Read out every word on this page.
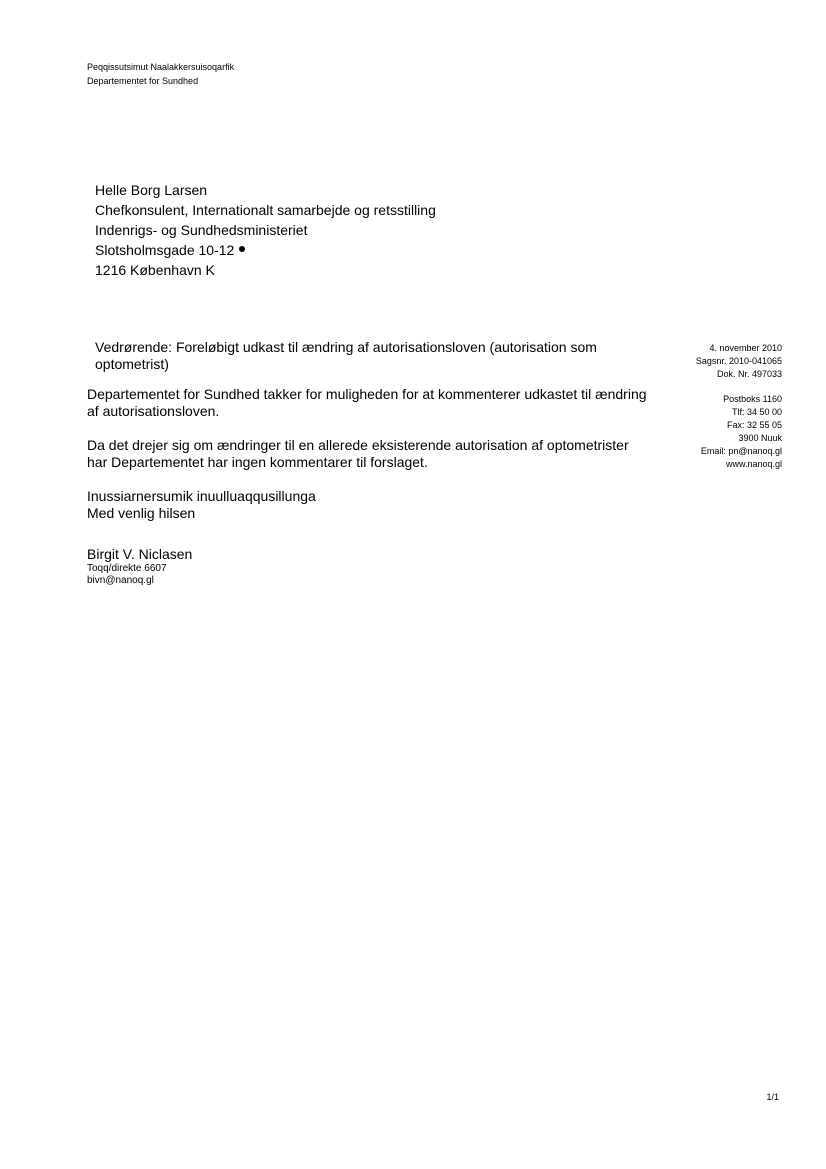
Peqqissutsimut Naalakkersuisoqarfik
Departementet for Sundhed
Helle Borg Larsen
Chefkonsulent, Internationalt samarbejde og retsstilling
Indenrigs- og Sundhedsministeriet
Slotsholmsgade 10-12
1216 København K
Vedrørende: Foreløbigt udkast til ændring af autorisationsloven (autorisation som optometrist)

Departementet for Sundhed takker for muligheden for at kommenterer udkastet til ændring af autorisationsloven.

Da det drejer sig om ændringer til en allerede eksisterende autorisation af optometrister har Departementet har ingen kommentarer til forslaget.

Inussiarnersumik inuulluaqqusillunga
Med venlig hilsen
Birgit V. Niclasen
Toqq/direkte 6607
bivn@nanoq.gl
4. november 2010
Sagsnr. 2010-041065
Dok. Nr. 497033
Postboks 1160
Tlf: 34 50 00
Fax: 32 55 05
3900 Nuuk
Email: pn@nanoq.gl
www.nanoq.gl
1/1
